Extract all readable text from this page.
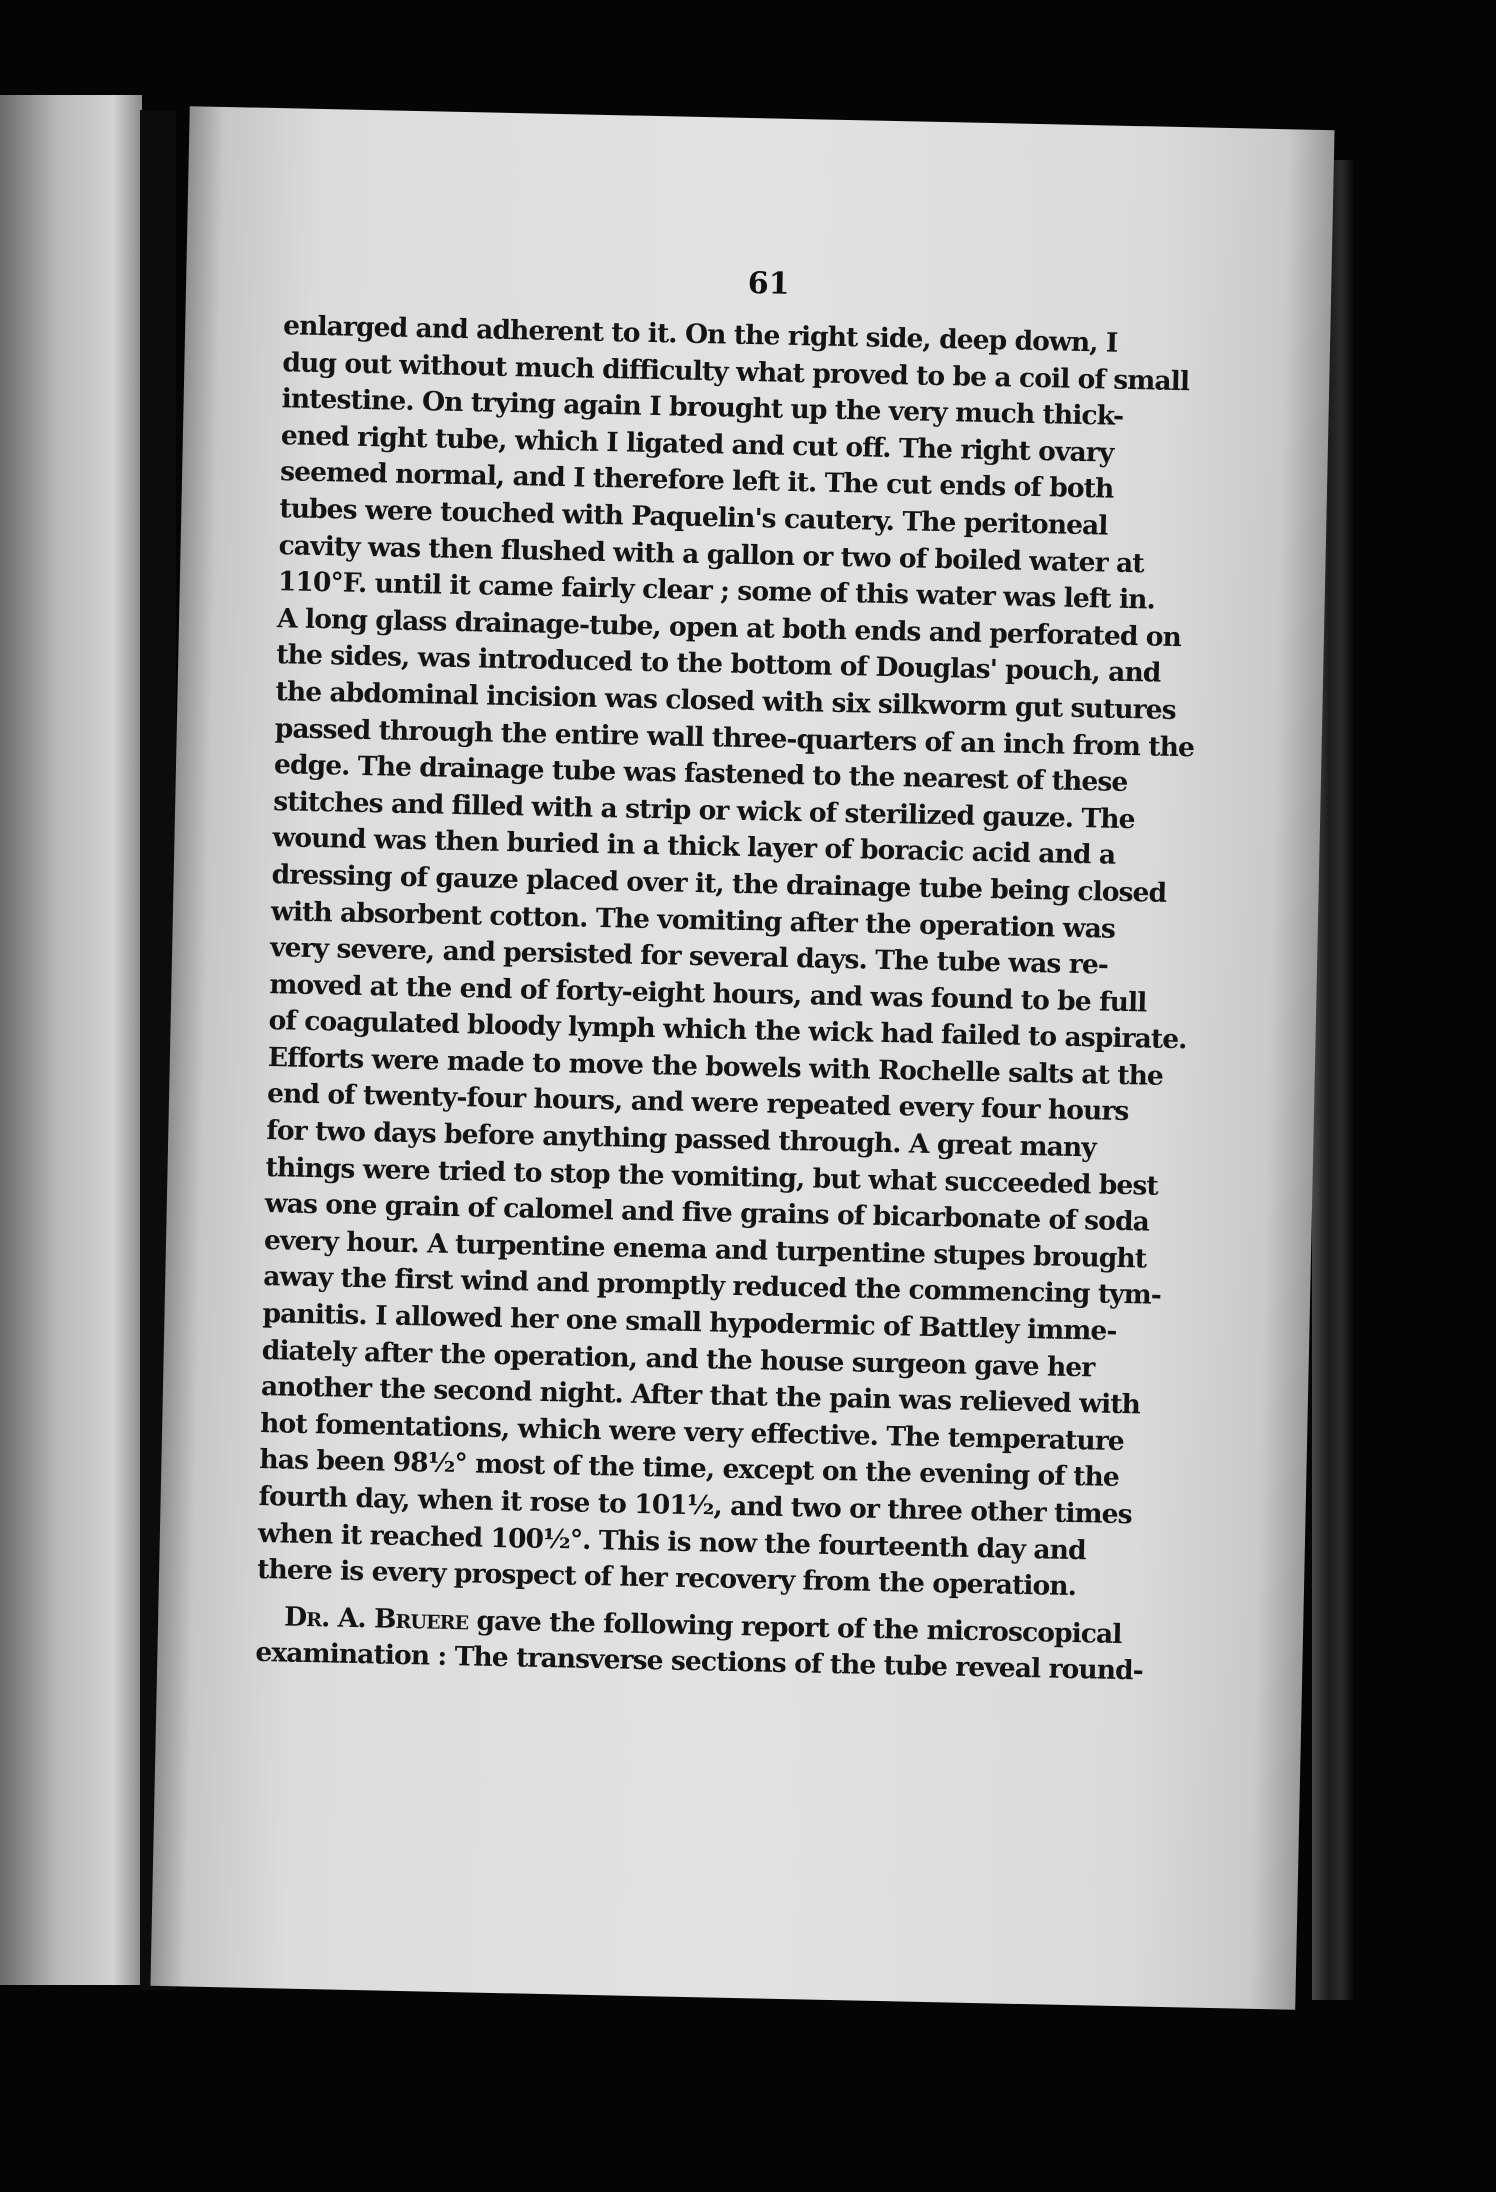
61
enlarged and adherent to it. On the right side, deep down, I
dug out without much difficulty what proved to be a coil of small
intestine. On trying again I brought up the very much thick-
ened right tube, which I ligated and cut off. The right ovary
seemed normal, and I therefore left it. The cut ends of both
tubes were touched with Paquelin's cautery. The peritoneal
cavity was then flushed with a gallon or two of boiled water at
110°F. until it came fairly clear ; some of this water was left in.
A long glass drainage-tube, open at both ends and perforated on
the sides, was introduced to the bottom of Douglas' pouch, and
the abdominal incision was closed with six silkworm gut sutures
passed through the entire wall three-quarters of an inch from the
edge. The drainage tube was fastened to the nearest of these
stitches and filled with a strip or wick of sterilized gauze. The
wound was then buried in a thick layer of boracic acid and a
dressing of gauze placed over it, the drainage tube being closed
with absorbent cotton. The vomiting after the operation was
very severe, and persisted for several days. The tube was re-
moved at the end of forty-eight hours, and was found to be full
of coagulated bloody lymph which the wick had failed to aspirate.
Efforts were made to move the bowels with Rochelle salts at the
end of twenty-four hours, and were repeated every four hours
for two days before anything passed through. A great many
things were tried to stop the vomiting, but what succeeded best
was one grain of calomel and five grains of bicarbonate of soda
every hour. A turpentine enema and turpentine stupes brought
away the first wind and promptly reduced the commencing tym-
panitis. I allowed her one small hypodermic of Battley imme-
diately after the operation, and the house surgeon gave her
another the second night. After that the pain was relieved with
hot fomentations, which were very effective. The temperature
has been 98½° most of the time, except on the evening of the
fourth day, when it rose to 101½, and two or three other times
when it reached 100½°. This is now the fourteenth day and
there is every prospect of her recovery from the operation.
Dr. A. Bruere gave the following report of the microscopical
examination : The transverse sections of the tube reveal round-
